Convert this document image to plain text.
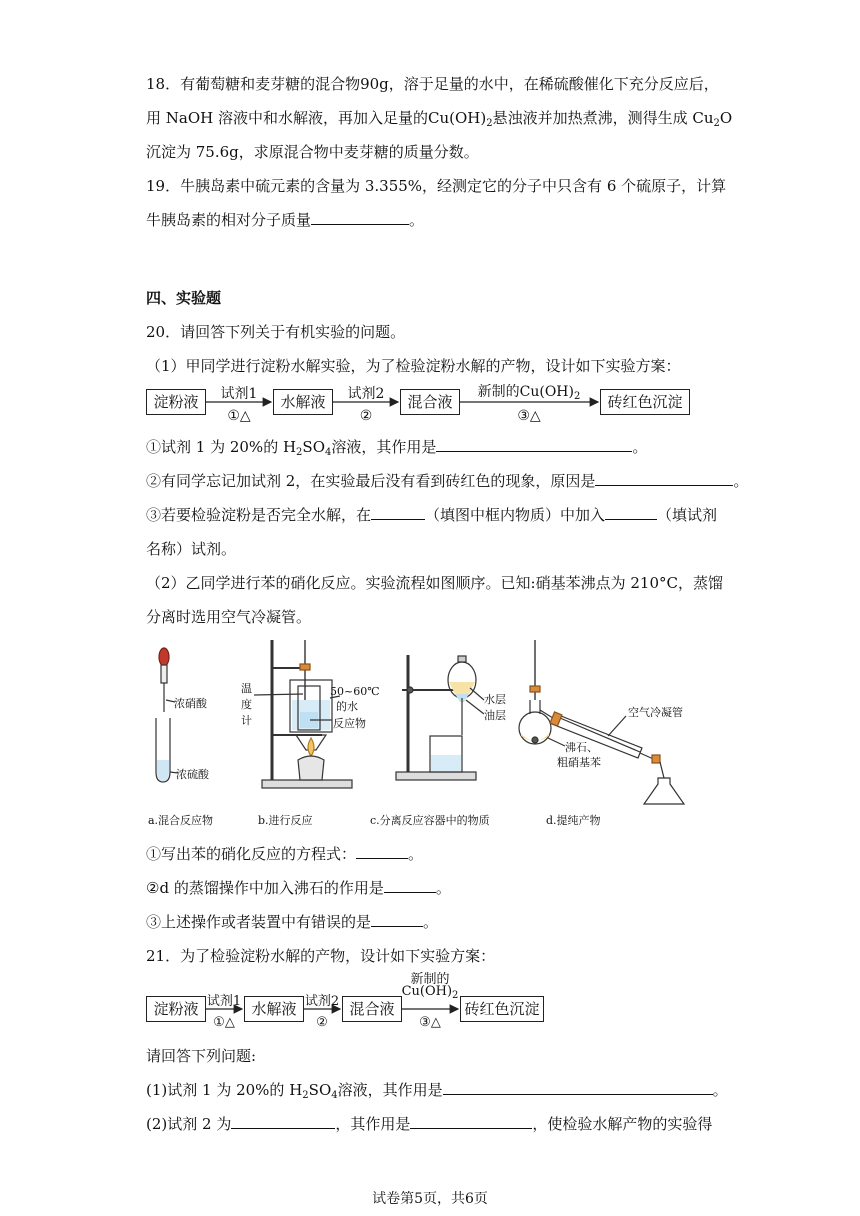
18．有葡萄糖和麦芽糖的混合物90g，溶于足量的水中，在稀硫酸催化下充分反应后，
用 NaOH 溶液中和水解液，再加入足量的$Cu(OH)_2$悬浊液并加热煮沸，测得生成 $Cu_2O$
沉淀为 75.6g，求原混合物中麦芽糖的质量分数。
19．牛胰岛素中硫元素的含量为 3.355%，经测定它的分子中只含有 6 个硫原子，计算
牛胰岛素的相对分子质量	。
四、实验题
20．请回答下列关于有机实验的问题。
（1）甲同学进行淀粉水解实验，为了检验淀粉水解的产物，设计如下实验方案：
淀粉液	水解液	混合液	砖红色沉淀
试剂1
①△
试剂2
②
新制的$Cu(OH)_2$
③△
①试剂 1 为 20%的 $H_2SO_4$溶液，其作用是	。
②有同学忘记加试剂 2，在实验最后没有看到砖红色的现象，原因是	。
③若要检验淀粉是否完全水解，在	（填图中框内物质）中加入	（填试剂
名称）试剂。
（2）乙同学进行苯的硝化反应。实验流程如图顺序。已知:硝基苯沸点为 210°C，蒸馏
分离时选用空气冷凝管。
浓硝酸
浓硫酸
温
度
计
50~60℃
的水
反应物
水层
油层	空气冷凝管
沸石、
粗硝基苯
a.混合反应物	b.进行反应	c.分离反应容器中的物质	d.提纯产物
①写出苯的硝化反应的方程式：	。
②d 的蒸馏操作中加入沸石的作用是	。
③上述操作或者装置中有错误的是	。
21．为了检验淀粉水解的产物，设计如下实验方案：
淀粉液	水解液	混合液	砖红色沉淀
试剂1
①△
试剂2
②
新制的
$Cu(OH)_2$
③△
请回答下列问题:
(1)试剂 1 为 20%的 $H_2SO_4$溶液，其作用是	。
(2)试剂 2 为	，其作用是	，使检验水解产物的实验得
试卷第5页，共6页
